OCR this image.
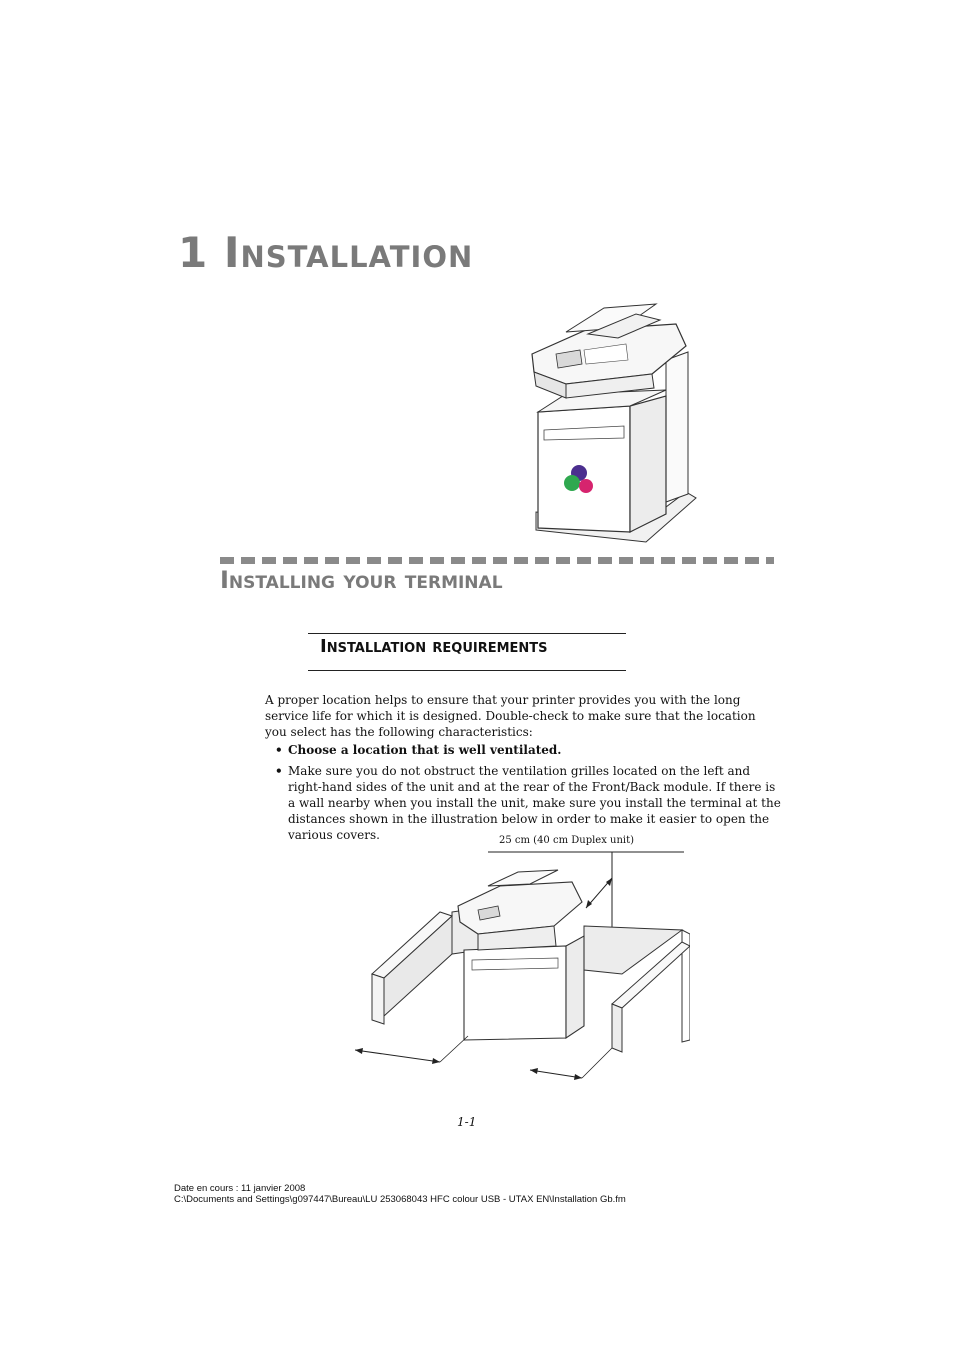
1 Installation
Installing your terminal
Installation requirements

A proper location helps to ensure that your printer provides you with the long service life for which it is designed. Double-check to make sure that the location you select has the following characteristics:

• Choose a location that is well ventilated.
• Make sure you do not obstruct the ventilation grilles located on the left and right-hand sides of the unit and at the rear of the Front/Back module. If there is a wall nearby when you install the unit, make sure you install the terminal at the distances shown in the illustration below in order to make it easier to open the various covers.	25 cm (40 cm Duplex unit)
1-1
Date en cours : 11 janvier 2008
C:\Documents and Settings\g097447\Bureau\LU 253068043 HFC colour USB - UTAX EN\Installation Gb.fm
